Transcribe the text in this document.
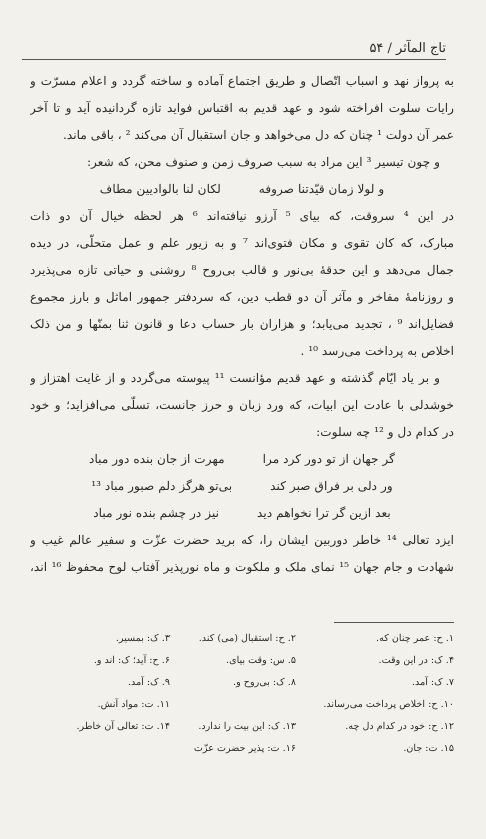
تاج المآثر / ۵۴
به پرواز نهد و اسباب اتّصال و طریق اجتماع آماده و ساخته گردد و اعلام مسرّت و
رایات سلوت افراخته شود و عهد قدیم به اقتباس فواید تازه گردانیده آید و تا آخر
عمر آن دولت ¹ چنان که دل می‌خواهد و جان استقبال آن می‌کند ² ، باقی ماند.
و چون تیسیر ³ این مراد به سبب صروف زمن و صنوف محن، که شعر:
و لولا زمان قیّدتنا صروفه
لکان لنا بالوادیین مطاف
در این ⁴ سروقت، که بیای ⁵ آرزو نیافته‌اند ⁶ هر لحظه خیال آن دو ذات
مبارک، که کان تقوی و مکان فتوی‌اند ⁷ و به زیور علم و عمل متحلّی، در دیده
جمال می‌دهد و این حدقهٔ بی‌نور و قالب بی‌روح ⁸ روشنی و حیاتی تازه می‌پذیرد
و روزنامهٔ مفاخر و مآثر آن دو قطب دین، که سردفتر جمهور اماثل و بارز مجموع
فضایل‌اند ⁹ ، تجدید می‌یابد؛ و هزاران بار حساب دعا و قانون ثنا بمنّها و من ذلک
اخلاص به پرداخت می‌رسد ¹⁰ .
و بر یاد ایّام گذشته و عهد قدیم مؤانست ¹¹ پیوسته می‌گردد و از غایت اهتزاز و
خوشدلی با عادت این ابیات، که ورد زبان و حرز جانست، تسلّی می‌افزاید؛ و خود
در کدام دل و ¹² چه سلوت:
گر جهان از تو دور کرد مرا
مهرت از جان بنده دور مباد
ور دلی بر فراق صبر کند
بی‌تو هرگز دلم صبور مباد ¹³
بعد ازین گر ترا نخواهم دید
نیز در چشم بنده نور مباد
ایزد تعالی ¹⁴ خاطر دوربین ایشان را، که برید حضرت عزّت و سفیر عالم غیب و
شهادت و جام جهان ¹⁵ نمای ملک و ملکوت و ماه نورپذیر آفتاب لوح محفوظ ¹⁶ اند،
۱. ح: عمر چنان که.
۲. ح: استقبال (می) کند.
۳. ک: بمسیر.
۴. ک: در این وقت.
۵. س: وقت بیای.
۶. ح: آید؛ ک: اند و.
۷. ک: آمد.
۸. ک: بی‌روح و.
۹. ک: آمد.
۱۰. ح: اخلاص پرداخت می‌رساند.
۱۱. ت: مواد آنش.
۱۲. ح: خود در کدام دل چه.
۱۳. ک: این بیت را ندارد.
۱۴. ت: تعالی آن خاطر.
۱۵. ت: جان.
۱۶. ت: پذیر حضرت عزّت
